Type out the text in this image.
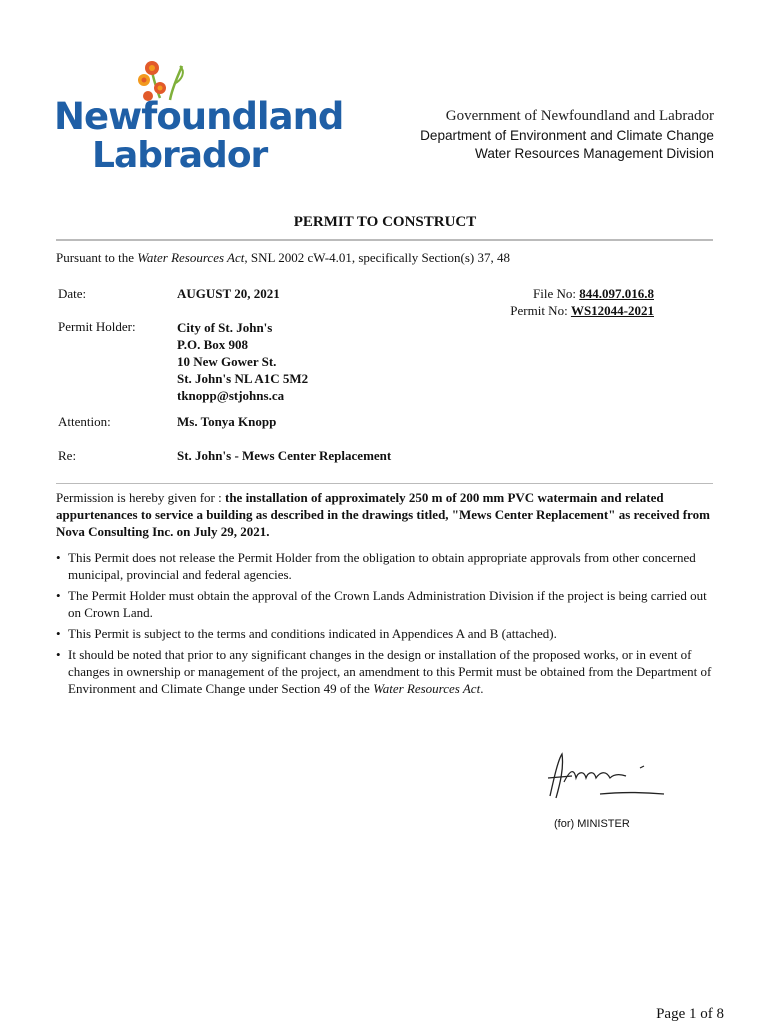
Newfoundland
Labrador
Government of Newfoundland and Labrador
Department of Environment and Climate Change
Water Resources Management Division
PERMIT TO CONSTRUCT
Pursuant to the Water Resources Act, SNL 2002 cW-4.01, specifically Section(s) 37, 48
Date:	AUGUST 20, 2021	File No: 844.097.016.8
Permit No: WS12044-2021
Permit Holder:	City of St. John's
P.O. Box 908
10 New Gower St.
St. John's NL A1C 5M2
tknopp@stjohns.ca
Attention:	Ms. Tonya Knopp
Re:	St. John's - Mews Center Replacement
Permission is hereby given for : the installation of approximately 250 m of 200 mm PVC watermain and related appurtenances to service a building as described in the drawings titled, "Mews Center Replacement" as received from Nova Consulting Inc. on July 29, 2021.
• This Permit does not release the Permit Holder from the obligation to obtain appropriate approvals from other concerned municipal, provincial and federal agencies.
• The Permit Holder must obtain the approval of the Crown Lands Administration Division if the project is being carried out on Crown Land.
• This Permit is subject to the terms and conditions indicated in Appendices A and B (attached).
• It should be noted that prior to any significant changes in the design or installation of the proposed works, or in event of changes in ownership or management of the project, an amendment to this Permit must be obtained from the Department of Environment and Climate Change under Section 49 of the Water Resources Act.
(for) MINISTER
Page 1 of 8
